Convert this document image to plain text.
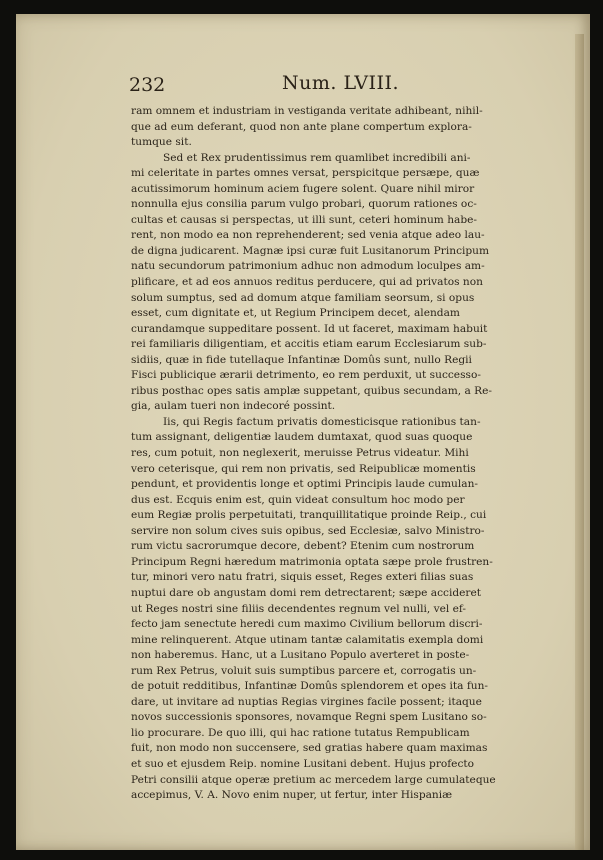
232	Num. LVIII.
ram omnem et industriam in vestiganda veritate adhibeant, nihil-
que ad eum deferant, quod non ante plane compertum explora-
tumque sit.
Sed et Rex prudentissimus rem quamlibet incredibili ani-
mi celeritate in partes omnes versat, perspicitque persæpe, quæ
acutissimorum hominum aciem fugere solent. Quare nihil miror
nonnulla ejus consilia parum vulgo probari, quorum rationes oc-
cultas et causas si perspectas, ut illi sunt, ceteri hominum habe-
rent, non modo ea non reprehenderent; sed venia atque adeo lau-
de digna judicarent. Magnæ ipsi curæ fuit Lusitanorum Principum
natu secundorum patrimonium adhuc non admodum loculpes am-
plificare, et ad eos annuos reditus perducere, qui ad privatos non
solum sumptus, sed ad domum atque familiam seorsum, si opus
esset, cum dignitate et, ut Regium Principem decet, alendam
curandamque suppeditare possent. Id ut faceret, maximam habuit
rei familiaris diligentiam, et accitis etiam earum Ecclesiarum sub-
sidiis, quæ in fide tutellaque Infantinæ Domûs sunt, nullo Regii
Fisci publicique ærarii detrimento, eo rem perduxit, ut successo-
ribus posthac opes satis amplæ suppetant, quibus secundam, a Re-
gia, aulam tueri non indecoré possint.
Iis, qui Regis factum privatis domesticisque rationibus tan-
tum assignant, deligentiæ laudem dumtaxat, quod suas quoque
res, cum potuit, non neglexerit, meruisse Petrus videatur. Mihi
vero ceterisque, qui rem non privatis, sed Reipublicæ momentis
pendunt, et providentis longe et optimi Principis laude cumulan-
dus est. Ecquis enim est, quin videat consultum hoc modo per
eum Regiæ prolis perpetuitati, tranquillitatique proinde Reip., cui
servire non solum cives suis opibus, sed Ecclesiæ, salvo Ministro-
rum victu sacrorumque decore, debent? Etenim cum nostrorum
Principum Regni hæredum matrimonia optata sæpe prole frustren-
tur, minori vero natu fratri, siquis esset, Reges exteri filias suas
nuptui dare ob angustam domi rem detrectarent; sæpe accideret
ut Reges nostri sine filiis decendentes regnum vel nulli, vel ef-
fecto jam senectute heredi cum maximo Civilium bellorum discri-
mine relinquerent. Atque utinam tantæ calamitatis exempla domi
non haberemus. Hanc, ut a Lusitano Populo averteret in poste-
rum Rex Petrus, voluit suis sumptibus parcere et, corrogatis un-
de potuit redditibus, Infantinæ Domûs splendorem et opes ita fun-
dare, ut invitare ad nuptias Regias virgines facile possent; itaque
novos successionis sponsores, novamque Regni spem Lusitano so-
lio procurare. De quo illi, qui hac ratione tutatus Rempublicam
fuit, non modo non succensere, sed gratias habere quam maximas
et suo et ejusdem Reip. nomine Lusitani debent. Hujus profecto
Petri consilii atque operæ pretium ac mercedem large cumulateque
accepimus, V. A. Novo enim nuper, ut fertur, inter Hispaniæ
